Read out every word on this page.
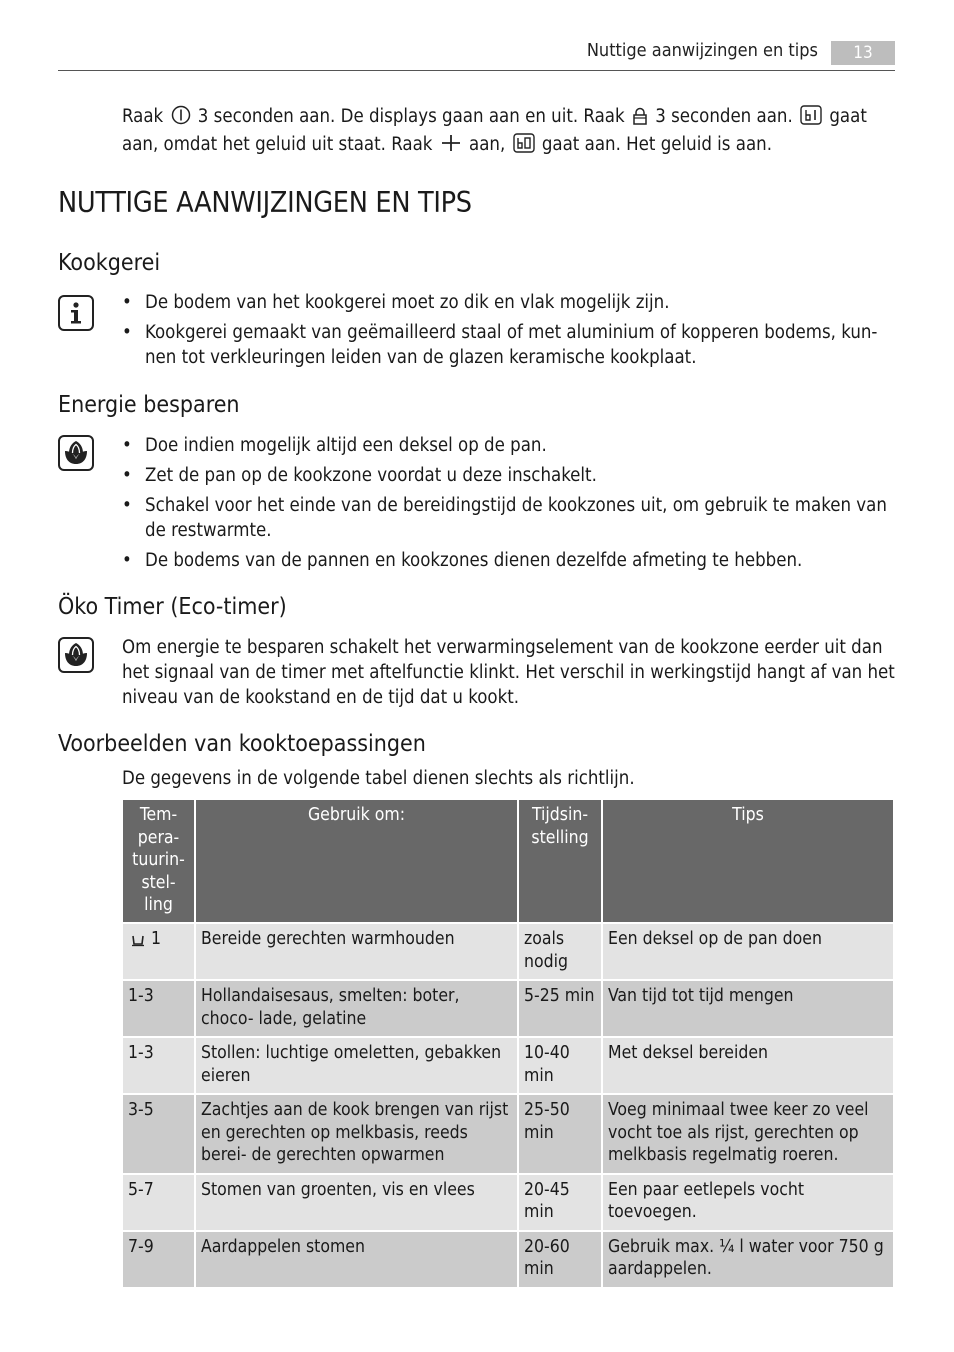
Nuttige aanwijzingen en tips	13
Raak 3 seconden aan. De displays gaan aan en uit. Raak 3 seconden aan. gaat aan, omdat het geluid uit staat. Raak aan, gaat aan. Het geluid is aan.
NUTTIGE AANWIJZINGEN EN TIPS
Kookgerei
• De bodem van het kookgerei moet zo dik en vlak mogelijk zijn.
• Kookgerei gemaakt van geëmailleerd staal of met aluminium of kopperen bodems, kun- nen tot verkleuringen leiden van de glazen keramische kookplaat.
Energie besparen
• Doe indien mogelijk altijd een deksel op de pan.
• Zet de pan op de kookzone voordat u deze inschakelt.
• Schakel voor het einde van de bereidingstijd de kookzones uit, om gebruik te maken van de restwarmte.
• De bodems van de pannen en kookzones dienen dezelfde afmeting te hebben.
Öko Timer (Eco-timer)

Om energie te besparen schakelt het verwarmingselement van de kookzone eerder uit dan het signaal van de timer met aftelfunctie klinkt. Het verschil in werkingstijd hangt af van het niveau van de kookstand en de tijd dat u kookt.

Voorbeelden van kooktoepassingen

De gegevens in de volgende tabel dienen slechts als richtlijn.

Tem- pera- tuurin- stel- ling	Gebruik om:	Tijdsin- stelling	Tips
1	Bereide gerechten warmhouden	zoals nodig	Een deksel op de pan doen
1-3	Hollandaisesaus, smelten: boter, choco- lade, gelatine	5-25 min	Van tijd tot tijd mengen
1-3	Stollen: luchtige omeletten, gebakken eieren	10-40 min	Met deksel bereiden
3-5	Zachtjes aan de kook brengen van rijst en gerechten op melkbasis, reeds berei- de gerechten opwarmen	25-50 min	Voeg minimaal twee keer zo veel vocht toe als rijst, gerechten op melkbasis regelmatig roeren.
5-7	Stomen van groenten, vis en vlees	20-45 min	Een paar eetlepels vocht toevoegen.
7-9	Aardappelen stomen	20-60 min	Gebruik max. ¼ l water voor 750 g aardappelen.
